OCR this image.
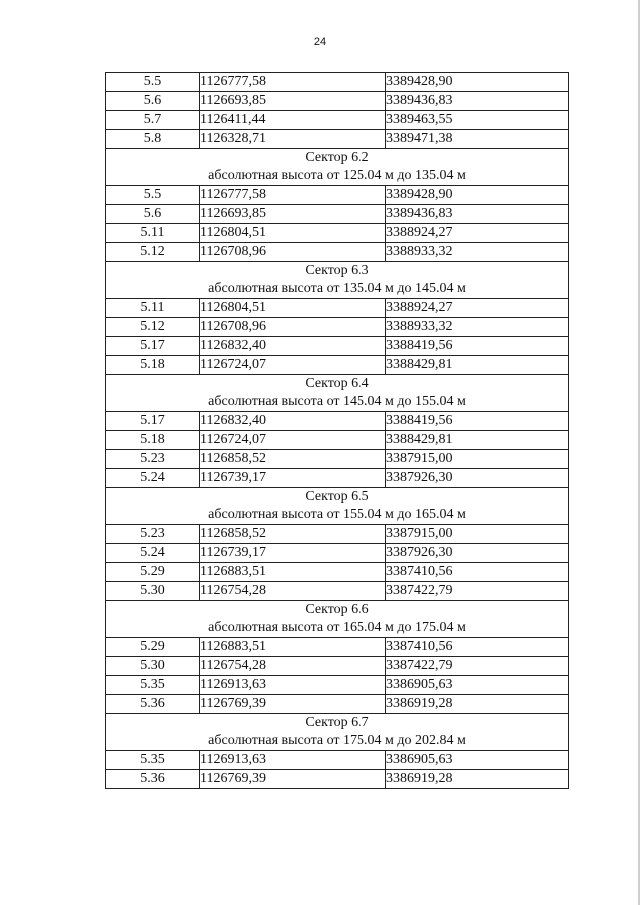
24
5.5	1126777,58	3389428,90
5.6	1126693,85	3389436,83
5.7	1126411,44	3389463,55
5.8	1126328,71	3389471,38

Сектор 6.2
абсолютная высота от 125.04 м до 135.04 м		

5.5	1126777,58	3389428,90
5.6	1126693,85	3389436,83
5.11	1126804,51	3388924,27
5.12	1126708,96	3388933,32

Сектор 6.3
абсолютная высота от 135.04 м до 145.04 м		

5.11	1126804,51	3388924,27
5.12	1126708,96	3388933,32
5.17	1126832,40	3388419,56
5.18	1126724,07	3388429,81

Сектор 6.4
абсолютная высота от 145.04 м до 155.04 м		

5.17	1126832,40	3388419,56
5.18	1126724,07	3388429,81
5.23	1126858,52	3387915,00
5.24	1126739,17	3387926,30

Сектор 6.5
абсолютная высота от 155.04 м до 165.04 м		

5.23	1126858,52	3387915,00
5.24	1126739,17	3387926,30
5.29	1126883,51	3387410,56
5.30	1126754,28	3387422,79

Сектор 6.6
абсолютная высота от 165.04 м до 175.04 м		

5.29	1126883,51	3387410,56
5.30	1126754,28	3387422,79
5.35	1126913,63	3386905,63
5.36	1126769,39	3386919,28

Сектор 6.7
абсолютная высота от 175.04 м до 202.84 м		

5.35	1126913,63	3386905,63
5.36	1126769,39	3386919,28
